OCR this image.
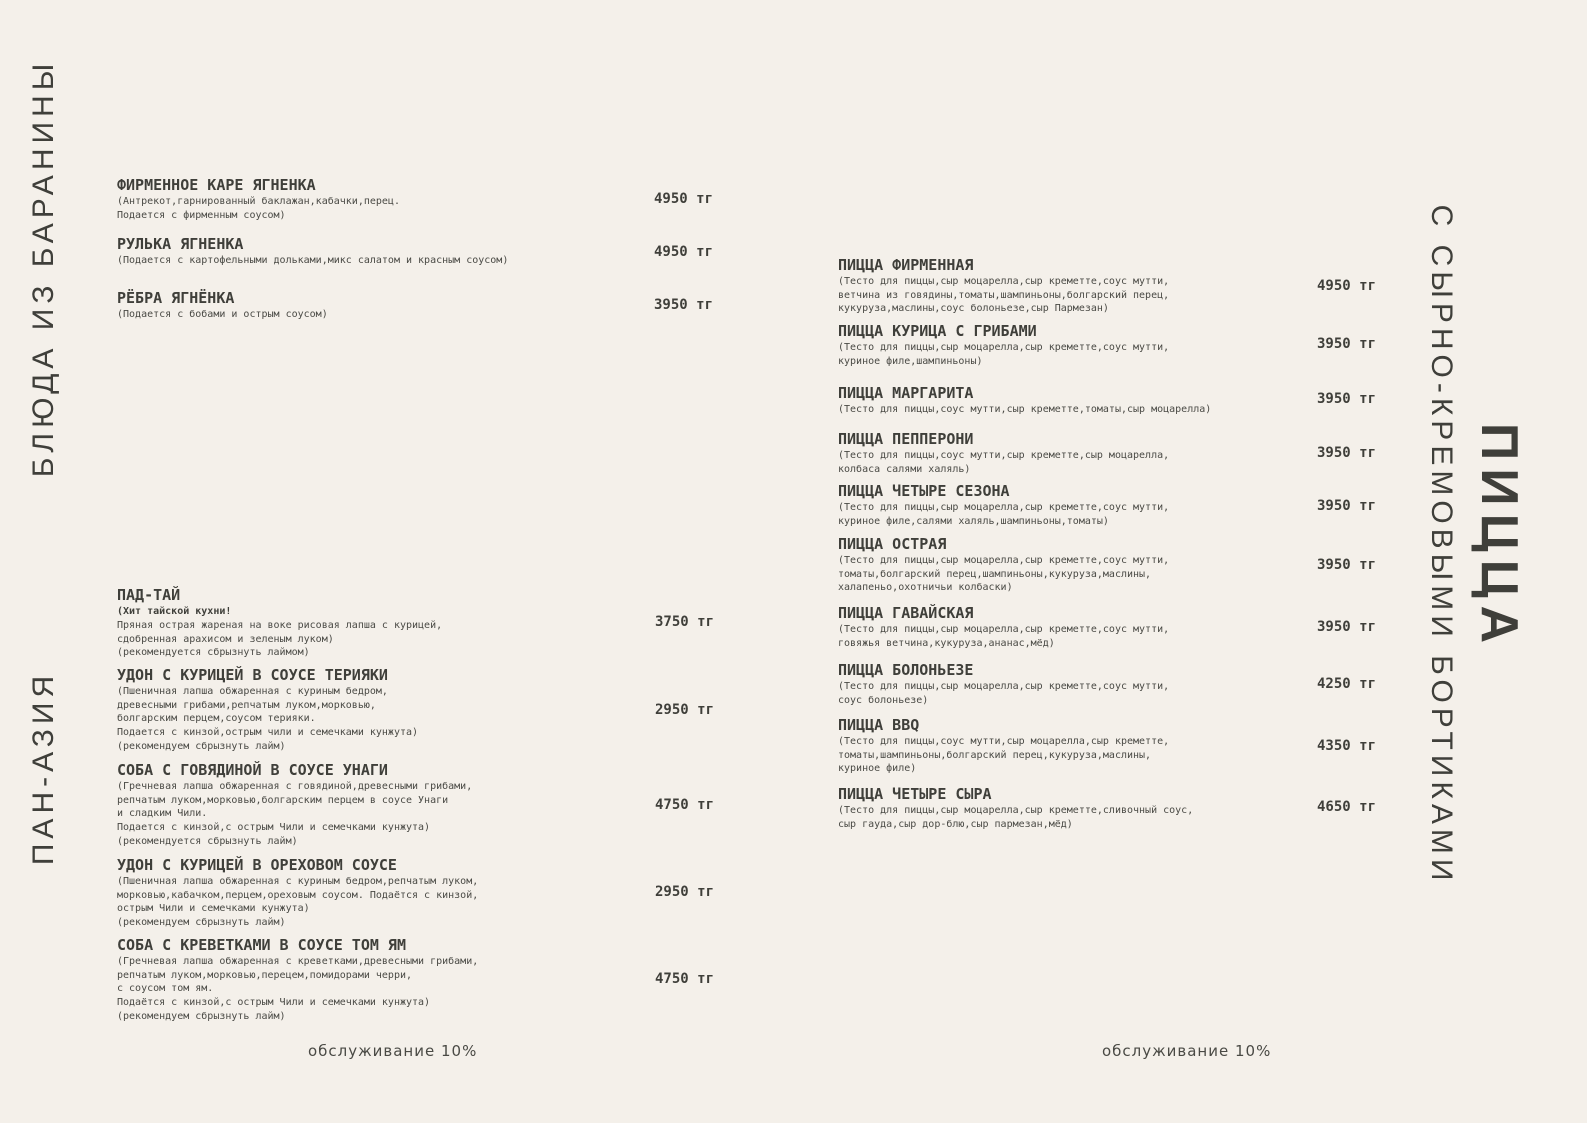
БЛЮДА ИЗ БАРАНИНЫ
ПАН-АЗИЯ
ПИЦЦА
С СЫРНО-КРЕМОВЫМИ БОРТИКАМИ
ФИРМЕННОЕ КАРЕ ЯГНЕНКА
(Антрекот,гарнированный баклажан,кабачки,перец.
Подается с фирменным соусом)
4950 тг
РУЛЬКА ЯГНЕНКА
(Подается с картофельными дольками,микс салатом и красным соусом)
4950 тг
РЁБРА ЯГНЁНКА
(Подается с бобами и острым соусом)
3950 тг
ПАД-ТАЙ
(Хит тайской кухни!
Пряная острая жареная на воке рисовая лапша с курицей,
сдобренная арахисом и зеленым луком)
(рекомендуется сбрызнуть лаймом)
3750 тг
УДОН С КУРИЦЕЙ В СОУСЕ ТЕРИЯКИ
(Пшеничная лапша обжаренная с куриным бедром,
древесными грибами,репчатым луком,морковью,
болгарским перцем,соусом терияки.
Подается с кинзой,острым чили и семечками кунжута)
(рекомендуем сбрызнуть лайм)
2950 тг
СОБА С ГОВЯДИНОЙ В СОУСЕ УНАГИ
(Гречневая лапша обжаренная с говядиной,древесными грибами,
репчатым луком,морковью,болгарским перцем в соусе Унаги
и сладким Чили.
Подается с кинзой,с острым Чили и семечками кунжута)
(рекомендуется сбрызнуть лайм)
4750 тг
УДОН С КУРИЦЕЙ В ОРЕХОВОМ СОУСЕ
(Пшеничная лапша обжаренная с куриным бедром,репчатым луком,
морковью,кабачком,перцем,ореховым соусом. Подаётся с кинзой,
острым Чили и семечками кунжута)
(рекомендуем сбрызнуть лайм)
2950 тг
СОБА С КРЕВЕТКАМИ В СОУСЕ ТОМ ЯМ
(Гречневая лапша обжаренная с креветками,древесными грибами,
репчатым луком,морковью,перецем,помидорами черри,
с соусом том ям.
Подаётся с кинзой,с острым Чили и семечками кунжута)
(рекомендуем сбрызнуть лайм)
4750 тг
обслуживание 10%
ПИЦЦА ФИРМЕННАЯ
(Тесто для пиццы,сыр моцарелла,сыр креметте,соус мутти,
ветчина из говядины,томаты,шампиньоны,болгарский перец,
кукуруза,маслины,соус болоньезе,сыр Пармезан)
4950 тг
ПИЦЦА КУРИЦА С ГРИБАМИ
(Тесто для пиццы,сыр моцарелла,сыр креметте,соус мутти,
куриное филе,шампиньоны)
3950 тг
ПИЦЦА МАРГАРИТА
(Тесто для пиццы,соус мутти,сыр креметте,томаты,сыр моцарелла)
3950 тг
ПИЦЦА ПЕППЕРОНИ
(Тесто для пиццы,соус мутти,сыр креметте,сыр моцарелла,
колбаса салями халяль)
3950 тг
ПИЦЦА ЧЕТЫРЕ СЕЗОНА
(Тесто для пиццы,сыр моцарелла,сыр креметте,соус мутти,
куриное филе,салями халяль,шампиньоны,томаты)
3950 тг
ПИЦЦА ОСТРАЯ
(Тесто для пиццы,сыр моцарелла,сыр креметте,соус мутти,
томаты,болгарский перец,шампиньоны,кукуруза,маслины,
халапеньо,охотничьи колбаски)
3950 тг
ПИЦЦА ГАВАЙСКАЯ
(Тесто для пиццы,сыр моцарелла,сыр креметте,соус мутти,
говяжья ветчина,кукуруза,ананас,мёд)
3950 тг
ПИЦЦА БОЛОНЬЕЗЕ
(Тесто для пиццы,сыр моцарелла,сыр креметте,соус мутти,
соус болоньезе)
4250 тг
ПИЦЦА BBQ
(Тесто для пиццы,соус мутти,сыр моцарелла,сыр креметте,
томаты,шампиньоны,болгарский перец,кукуруза,маслины,
куриное филе)
4350 тг
ПИЦЦА ЧЕТЫРЕ СЫРА
(Тесто для пиццы,сыр моцарелла,сыр креметте,сливочный соус,
сыр гауда,сыр дор-блю,сыр пармезан,мёд)
4650 тг
обслуживание 10%
